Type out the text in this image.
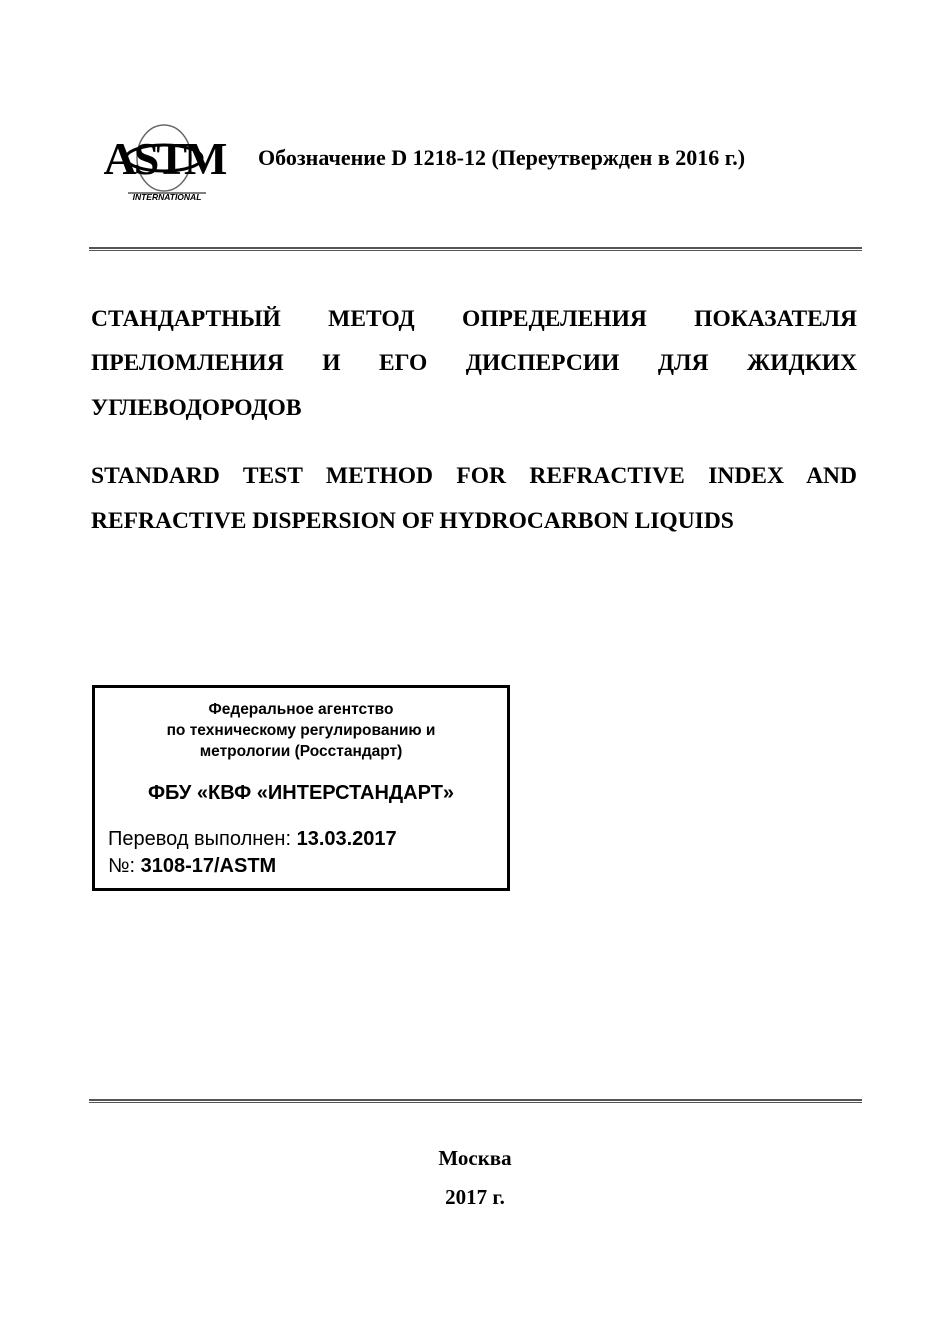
ASTM
INTERNATIONAL
Обозначение D 1218-12 (Переутвержден в 2016 г.)
СТАНДАРТНЫЙ МЕТОД ОПРЕДЕЛЕНИЯ ПОКАЗАТЕЛЯ
ПРЕЛОМЛЕНИЯ И ЕГО ДИСПЕРСИИ ДЛЯ ЖИДКИХ
УГЛЕВОДОРОДОВ
STANDARD TEST METHOD FOR REFRACTIVE INDEX AND
REFRACTIVE DISPERSION OF HYDROCARBON LIQUIDS
Федеральное агентство
по техническому регулированию и
метрологии (Росстандарт)
ФБУ «КВФ «ИНТЕРСТАНДАРТ»
Перевод выполнен: 13.03.2017
№: 3108-17/ASTM
Москва
2017 г.
